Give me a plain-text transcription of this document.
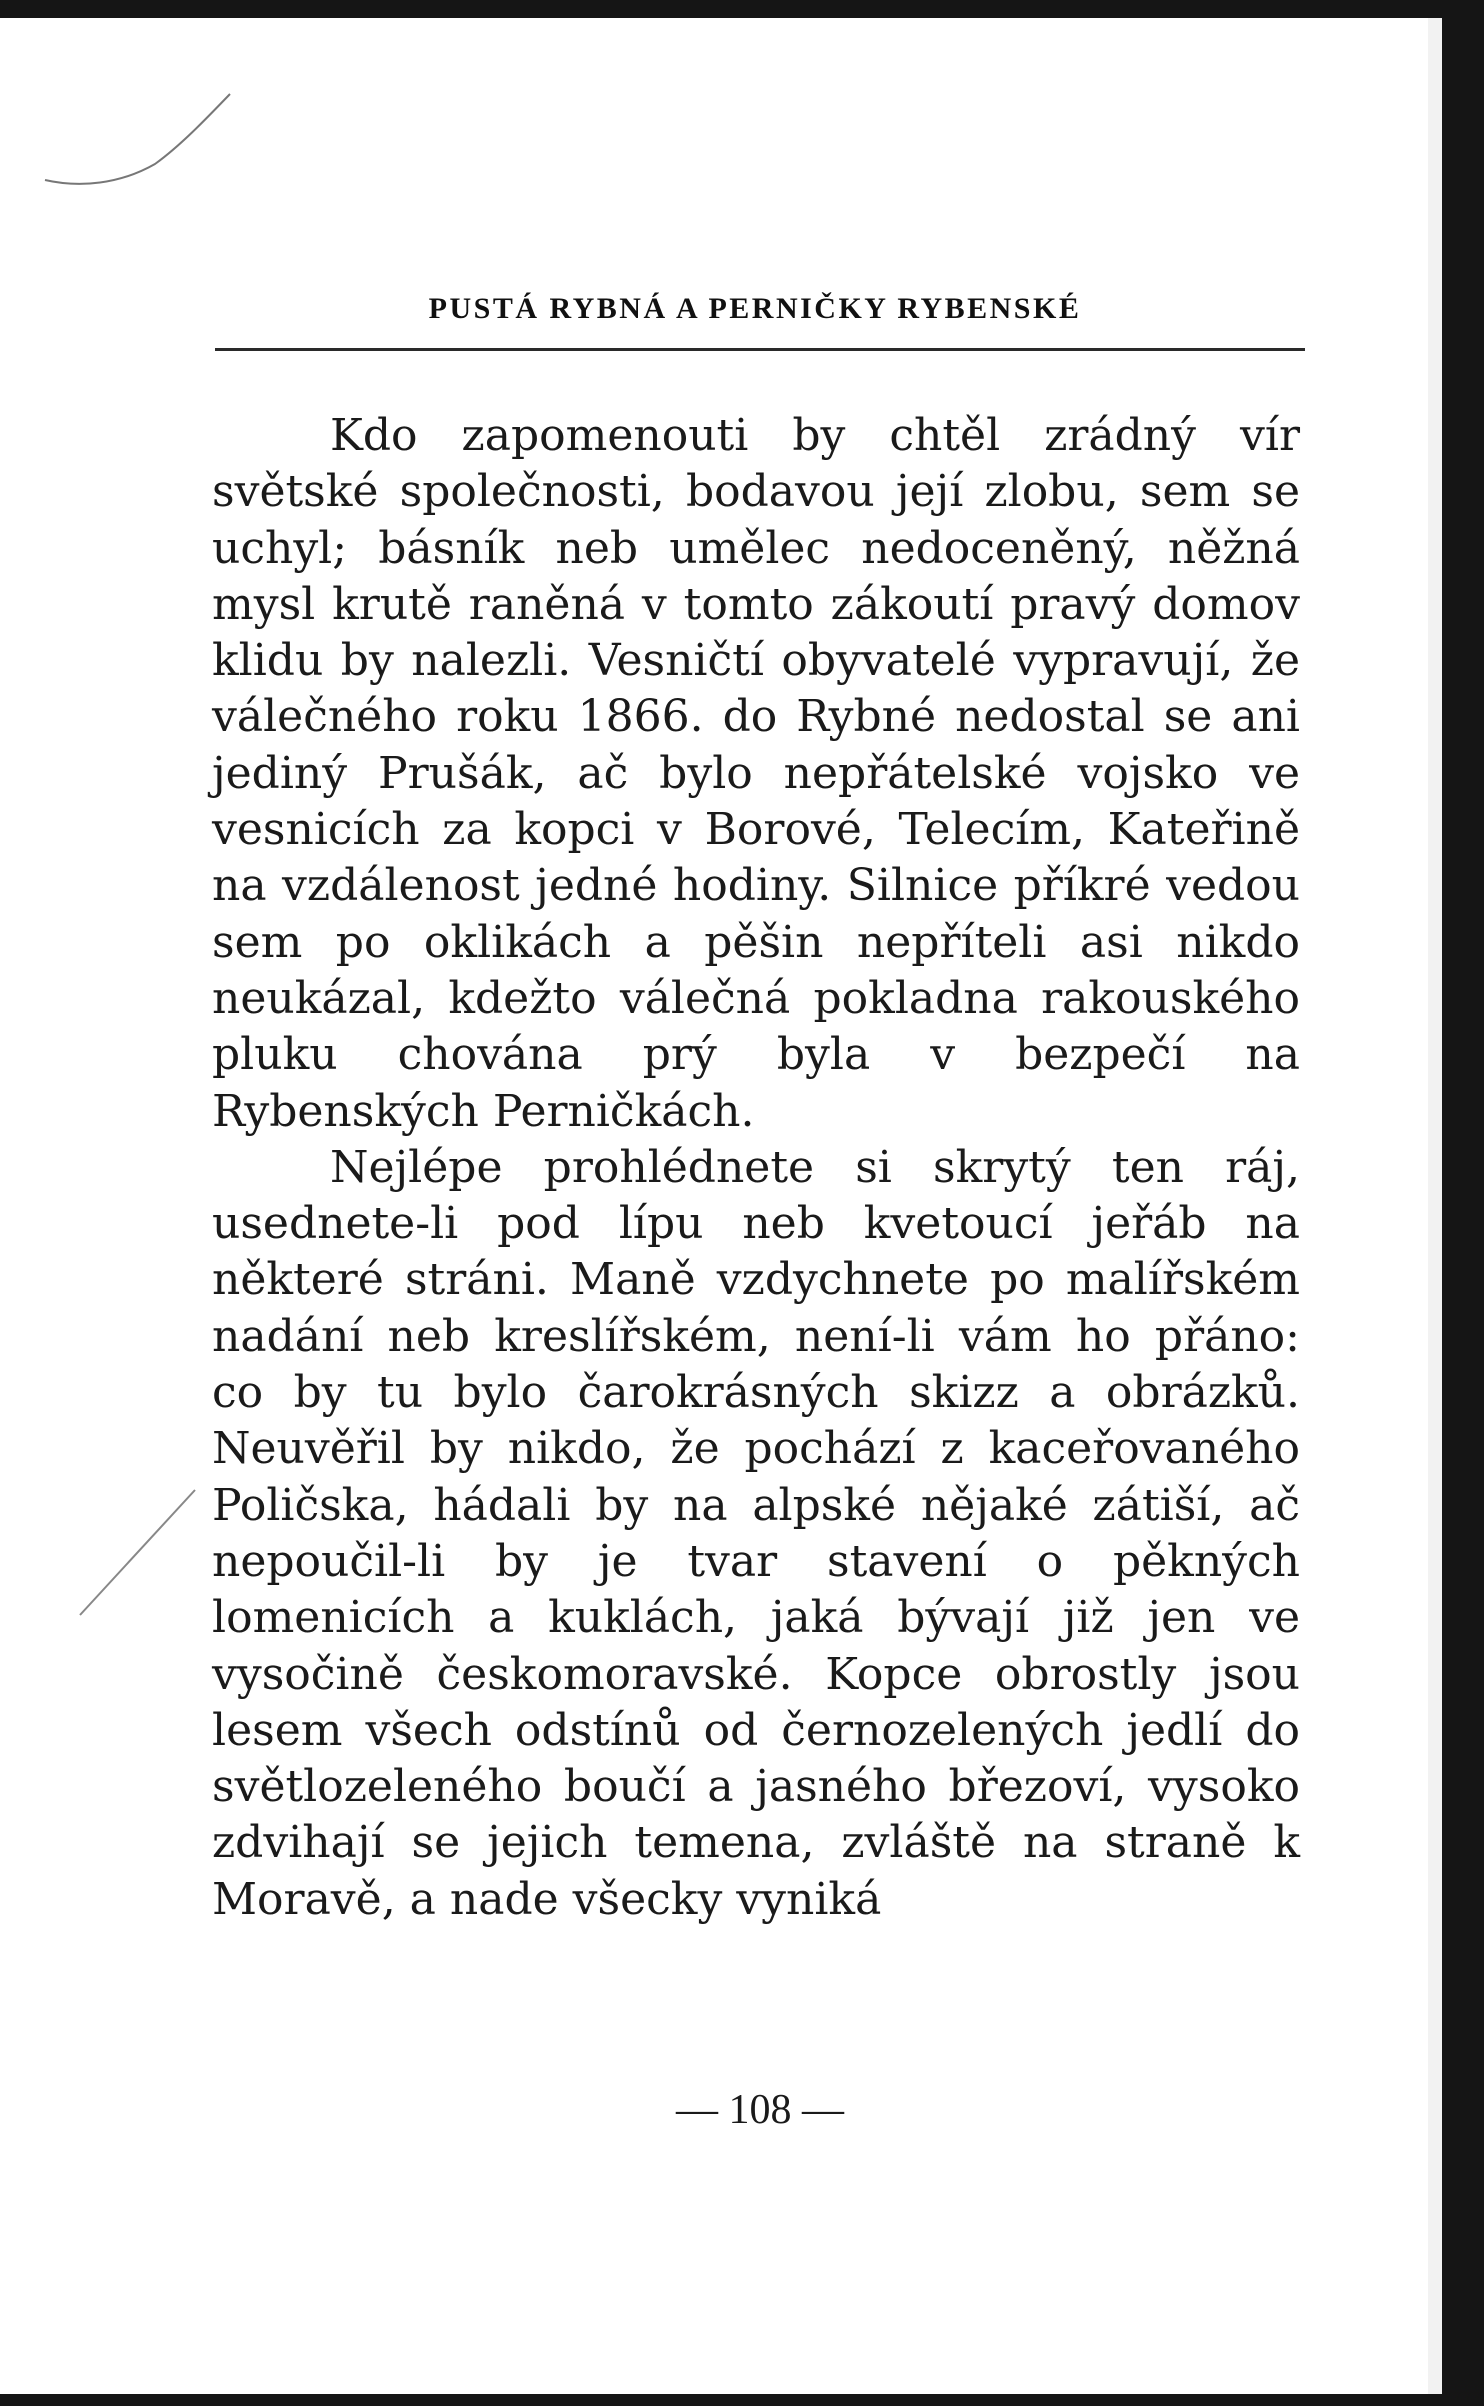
PUSTÁ RYBNÁ A PERNIČKY RYBENSKÉ

Kdo zapomenouti by chtěl zrádný vír světské společnosti, bodavou její zlobu, sem se uchyl; básník neb umělec nedoceněný, něžná mysl krutě raněná v tomto zákoutí pravý domov klidu by nalezli. Vesničtí obyvatelé vypravují, že válečného roku 1866. do Rybné nedostal se ani jediný Prušák, ač bylo nepřátelské vojsko ve vesnicích za kopci v Borové, Telecím, Kateřině na vzdálenost jedné hodiny. Silnice příkré vedou sem po oklikách a pěšin nepříteli asi nikdo neukázal, kdežto válečná pokladna rakouského pluku chována prý byla v bezpečí na Rybenských Perničkách.

Nejlépe prohlédnete si skrytý ten ráj, usednete-li pod lípu neb kvetoucí jeřáb na některé stráni. Maně vzdychnete po malířském nadání neb kreslířském, není-li vám ho přáno: co by tu bylo čarokrásných skizz a obrázků. Neuvěřil by nikdo, že pochází z kaceřovaného Poličska, hádali by na alpské nějaké zátiší, ač nepoučil-li by je tvar stavení o pěkných lomenicích a kuklách, jaká bývají již jen ve vysočině českomoravské. Kopce obrostly jsou lesem všech odstínů od černozelených jedlí do světlozeleného boučí a jasného březoví, vysoko zdvihají se jejich temena, zvláště na straně k Moravě, a nade všecky vyniká

— 108 —
